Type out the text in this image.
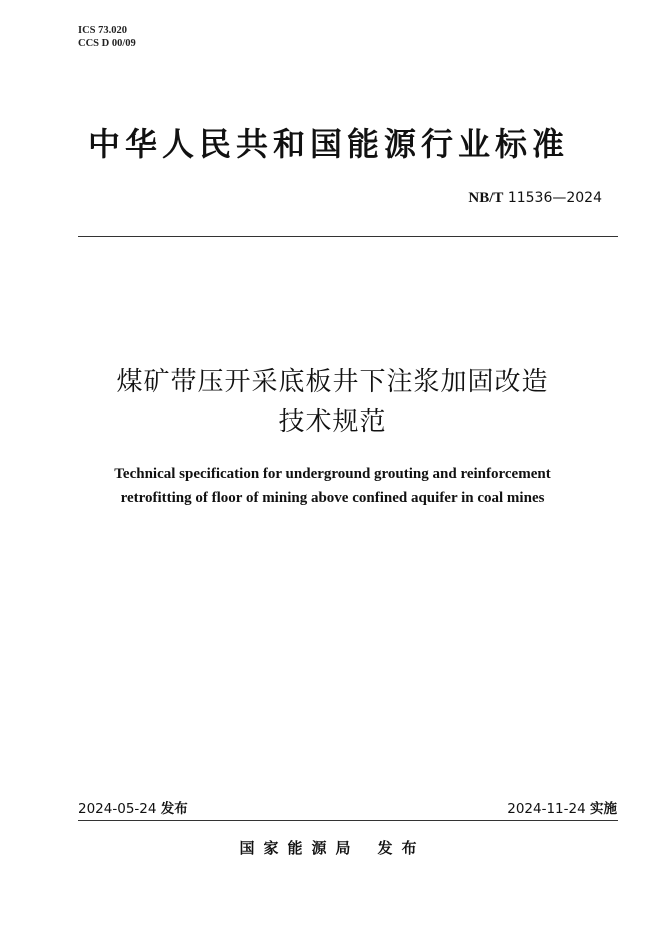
ICS 73.020
CCS D 00/09
中华人民共和国能源行业标准
NB/T 11536—2024
煤矿带压开采底板井下注浆加固改造
技术规范
Technical specification for underground grouting and reinforcement
retrofitting of floor of mining above confined aquifer in coal mines
2024-05-24 发布	2024-11-24 实施
国家能源局 发布
